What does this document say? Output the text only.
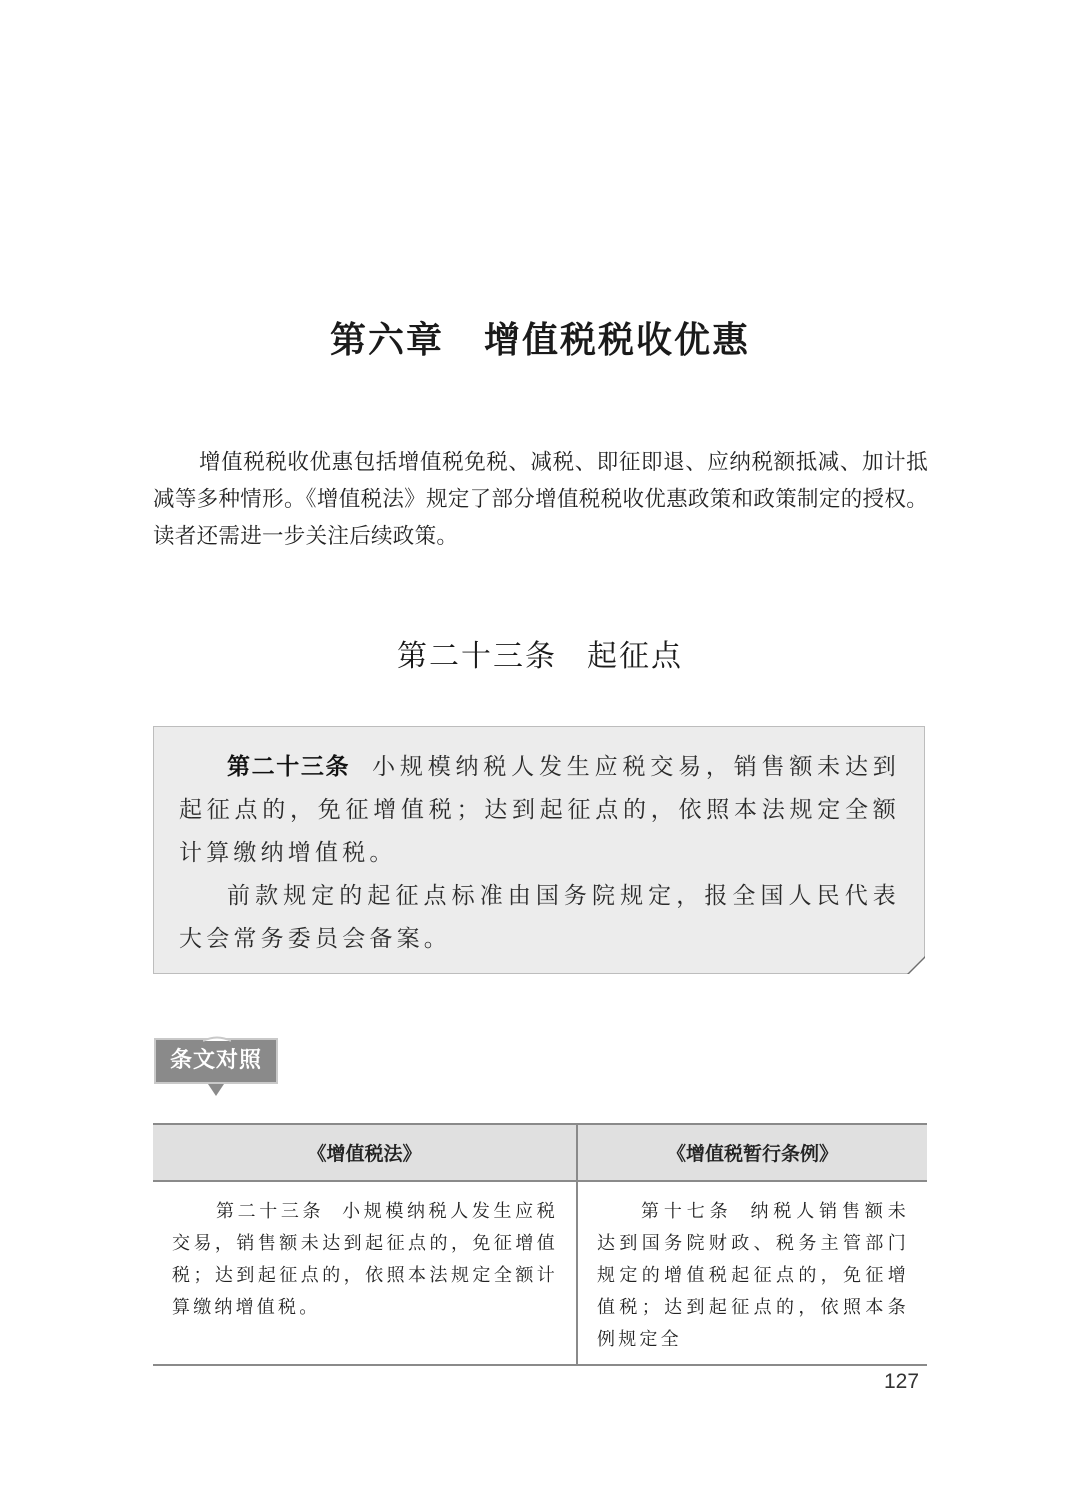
第六章 增值税税收优惠

增值税税收优惠包括增值税免税、减税、即征即退、应纳税额抵减、加计抵减等多种情形。《增值税法》规定了部分增值税税收优惠政策和政策制定的授权。读者还需进一步关注后续政策。

第二十三条 起征点

第二十三条 小规模纳税人发生应税交易，销售额未达到起征点的，免征增值税；达到起征点的，依照本法规定全额计算缴纳增值税。

前款规定的起征点标准由国务院规定，报全国人民代表大会常务委员会备案。

条文对照
《增值税法》	《增值税暂行条例》

第二十三条 小规模纳税人发生应税交易，销售额未达到起征点的，免征增值税；达到起征点的，依照本法规定全额计算缴纳增值税。	第十七条 纳税人销售额未达到国务院财政、税务主管部门规定的增值税起征点的，免征增值税；达到起征点的，依照本条例规定全

127
